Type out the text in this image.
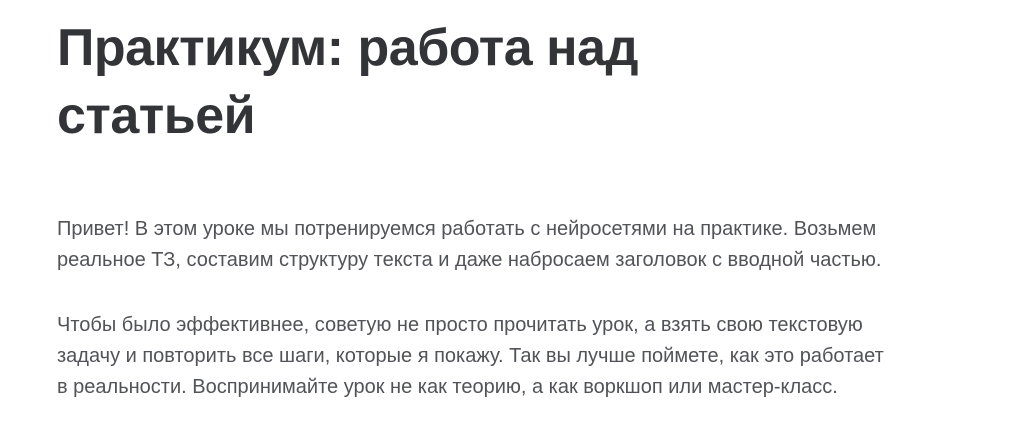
Практикум: работа над
статьей

Привет! В этом уроке мы потренируемся работать с нейросетями на практике. Возьмем
реальное ТЗ, составим структуру текста и даже набросаем заголовок с вводной частью.

Чтобы было эффективнее, советую не просто прочитать урок, а взять свою текстовую
задачу и повторить все шаги, которые я покажу. Так вы лучше поймете, как это работает
в реальности. Воспринимайте урок не как теорию, а как воркшоп или мастер-класс.
